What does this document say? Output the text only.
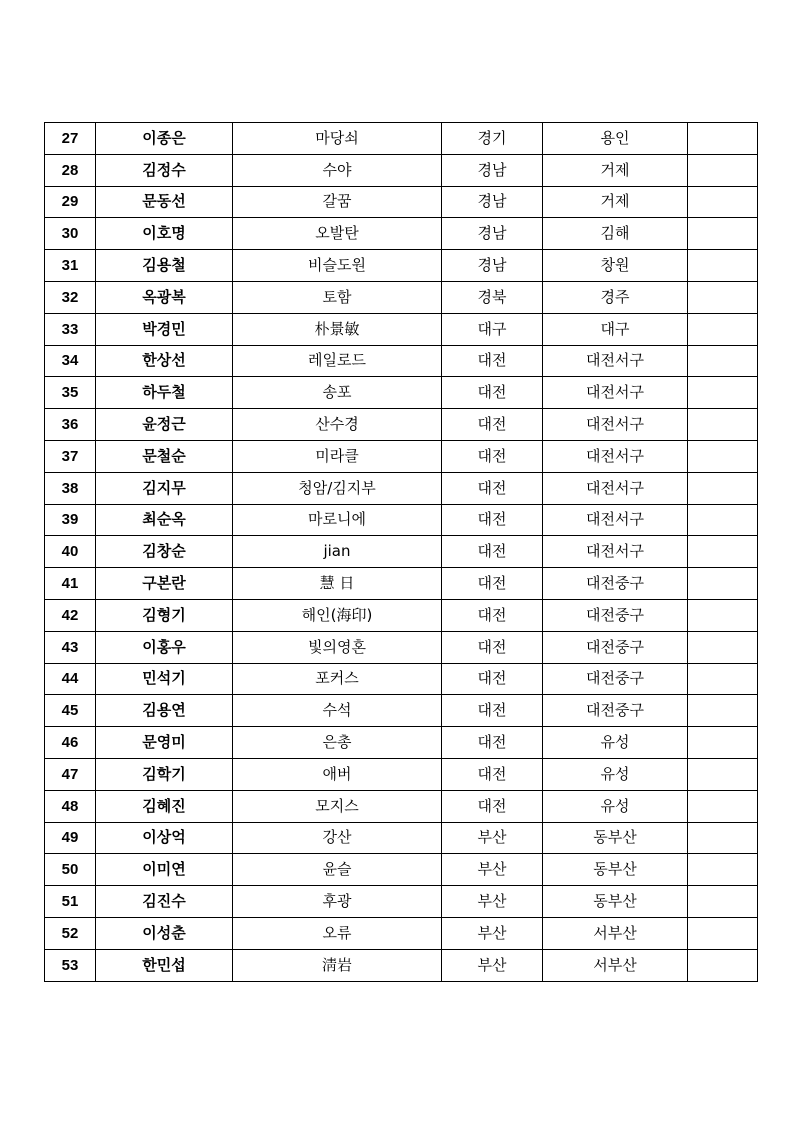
27	이종은	마당쇠	경기	용인	
28	김정수	수야	경남	거제	
29	문동선	갈꿈	경남	거제	
30	이호명	오발탄	경남	김해	
31	김용철	비슬도원	경남	창원	
32	옥광복	토함	경북	경주	
33	박경민	朴景敏	대구	대구	
34	한상선	레일로드	대전	대전서구	
35	하두철	송포	대전	대전서구	
36	윤정근	산수경	대전	대전서구	
37	문철순	미라클	대전	대전서구	
38	김지무	청암/김지부	대전	대전서구	
39	최순옥	마로니에	대전	대전서구	
40	김창순	jian	대전	대전서구	
41	구본란	慧 日	대전	대전중구	
42	김형기	해인(海印)	대전	대전중구	
43	이홍우	빛의영혼	대전	대전중구	
44	민석기	포커스	대전	대전중구	
45	김용연	수석	대전	대전중구	
46	문영미	은총	대전	유성	
47	김학기	애버	대전	유성	
48	김혜진	모지스	대전	유성	
49	이상억	강산	부산	동부산	
50	이미연	윤슬	부산	동부산	
51	김진수	후광	부산	동부산	
52	이성춘	오류	부산	서부산	
53	한민섭	淸岩	부산	서부산	
